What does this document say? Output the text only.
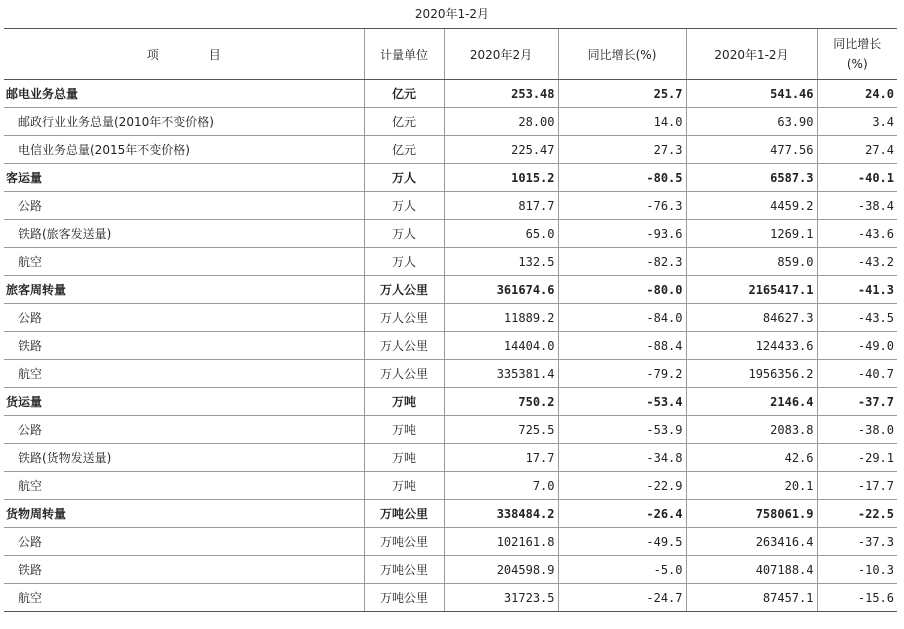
2020年1-2月
项 目	计量单位	2020年2月	同比增长(%)	2020年1-2月	同比增长
(%)

邮电业务总量	亿元	253.48	25.7	541.46	24.0
邮政行业业务总量(2010年不变价格)	亿元	28.00	14.0	63.90	3.4
电信业务总量(2015年不变价格)	亿元	225.47	27.3	477.56	27.4
客运量	万人	1015.2	-80.5	6587.3	-40.1
公路	万人	817.7	-76.3	4459.2	-38.4
铁路(旅客发送量)	万人	65.0	-93.6	1269.1	-43.6
航空	万人	132.5	-82.3	859.0	-43.2
旅客周转量	万人公里	361674.6	-80.0	2165417.1	-41.3
公路	万人公里	11889.2	-84.0	84627.3	-43.5
铁路	万人公里	14404.0	-88.4	124433.6	-49.0
航空	万人公里	335381.4	-79.2	1956356.2	-40.7
货运量	万吨	750.2	-53.4	2146.4	-37.7
公路	万吨	725.5	-53.9	2083.8	-38.0
铁路(货物发送量)	万吨	17.7	-34.8	42.6	-29.1
航空	万吨	7.0	-22.9	20.1	-17.7
货物周转量	万吨公里	338484.2	-26.4	758061.9	-22.5
公路	万吨公里	102161.8	-49.5	263416.4	-37.3
铁路	万吨公里	204598.9	-5.0	407188.4	-10.3
航空	万吨公里	31723.5	-24.7	87457.1	-15.6
